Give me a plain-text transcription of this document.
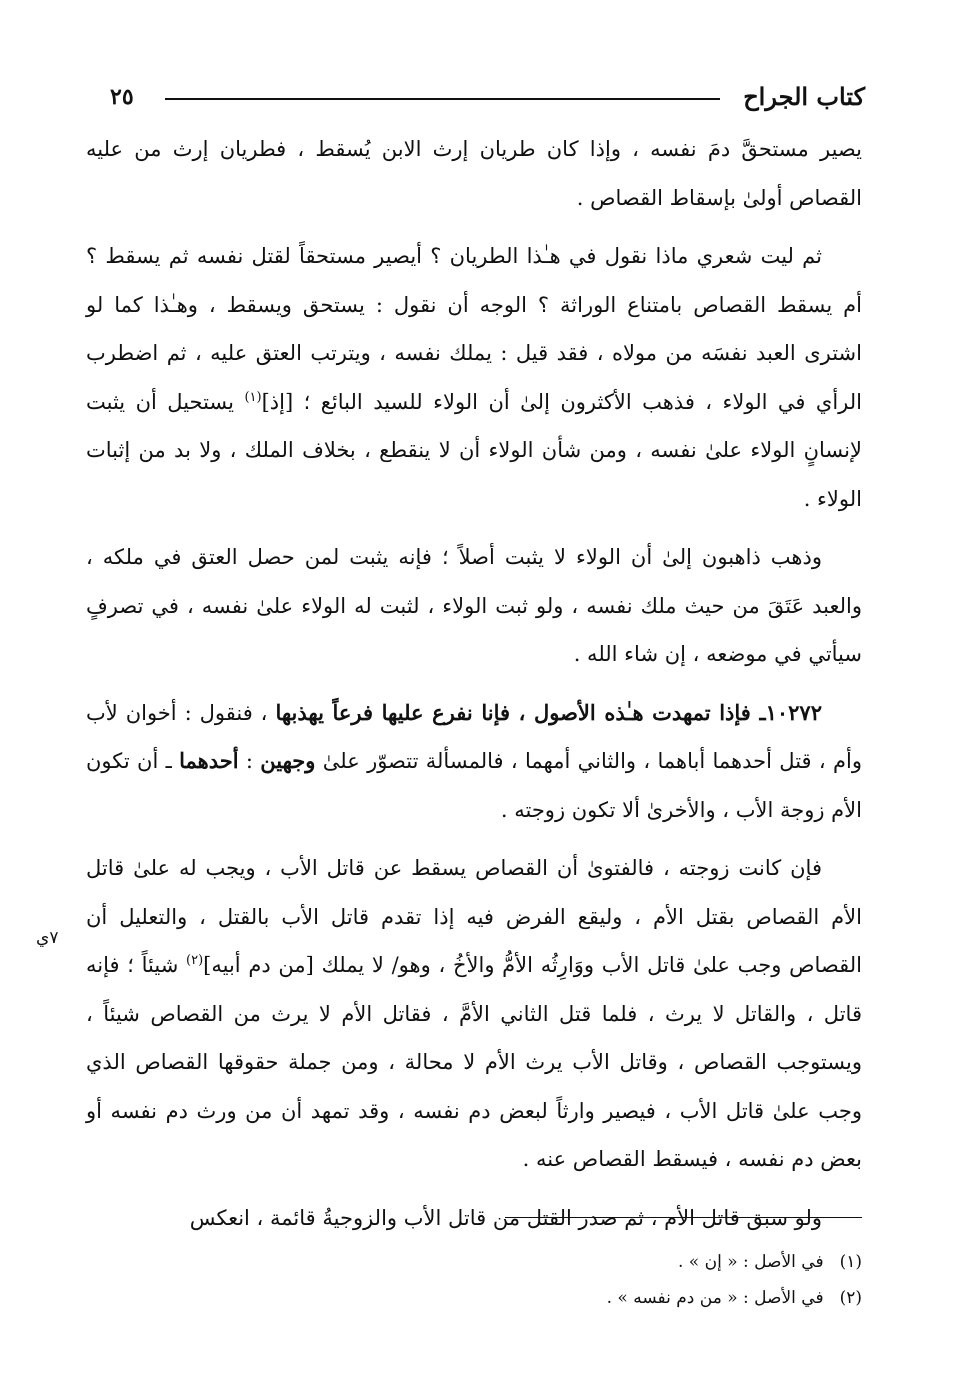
كتاب الجراح
٢٥

يصير مستحقَّ دمَ نفسه ، وإذا كان طريان إرث الابن يُسقط ، فطريان إرث من عليه القصاص أولىٰ بإسقاط القصاص .

ثم ليت شعري ماذا نقول في هـٰذا الطريان ؟ أيصير مستحقاً لقتل نفسه ثم يسقط ؟ أم يسقط القصاص بامتناع الوراثة ؟ الوجه أن نقول : يستحق ويسقط ، وهـٰذا كما لو اشترى العبد نفسَه من مولاه ، فقد قيل : يملك نفسه ، ويترتب العتق عليه ، ثم اضطرب الرأي في الولاء ، فذهب الأكثرون إلىٰ أن الولاء للسيد البائع ؛ [إذ]$^{(١)}$ يستحيل أن يثبت لإنسانٍ الولاء علىٰ نفسه ، ومن شأن الولاء أن لا ينقطع ، بخلاف الملك ، ولا بد من إثبات الولاء .

وذهب ذاهبون إلىٰ أن الولاء لا يثبت أصلاً ؛ فإنه يثبت لمن حصل العتق في ملكه ، والعبد عَتَقَ من حيث ملك نفسه ، ولو ثبت الولاء ، لثبت له الولاء علىٰ نفسه ، في تصرفٍ سيأتي في موضعه ، إن شاء الله .

١٠٢٧٢ـ فإذا تمهدت هـٰذه الأصول ، فإنا نفرع عليها فرعاً يهذبها ، فنقول : أخوان لأب وأم ، قتل أحدهما أباهما ، والثاني أمهما ، فالمسألة تتصوّر علىٰ وجهين : أحدهما ـ أن تكون الأم زوجة الأب ، والأخرىٰ ألا تكون زوجته .

فإن كانت زوجته ، فالفتوىٰ أن القصاص يسقط عن قاتل الأب ، ويجب له علىٰ قاتل الأم القصاص بقتل الأم ، وليقع الفرض فيه إذا تقدم قاتل الأب بالقتل ، والتعليل أن القصاص وجب علىٰ قاتل الأب ووَارِثُه الأمُّ والأخُ ، وهو/ لا يملك [من دم أبيه]$^{(٢)}$ شيئاً ؛ فإنه قاتل ، والقاتل لا يرث ، فلما قتل الثاني الأمَّ ، فقاتل الأم لا يرث من القصاص شيئاً ، ويستوجب القصاص ، وقاتل الأب يرث الأم لا محالة ، ومن جملة حقوقها القصاص الذي وجب علىٰ قاتل الأب ، فيصير وارثاً لبعض دم نفسه ، وقد تمهد أن من ورث دم نفسه أو بعض دم نفسه ، فيسقط القصاص عنه .

ولو سبق قاتل الأم ، ثم صدر القتل من قاتل الأب والزوجيةُ قائمة ، انعكس

٧ي

(١)في الأصل : « إن » .

(٢)في الأصل : « من دم نفسه » .
